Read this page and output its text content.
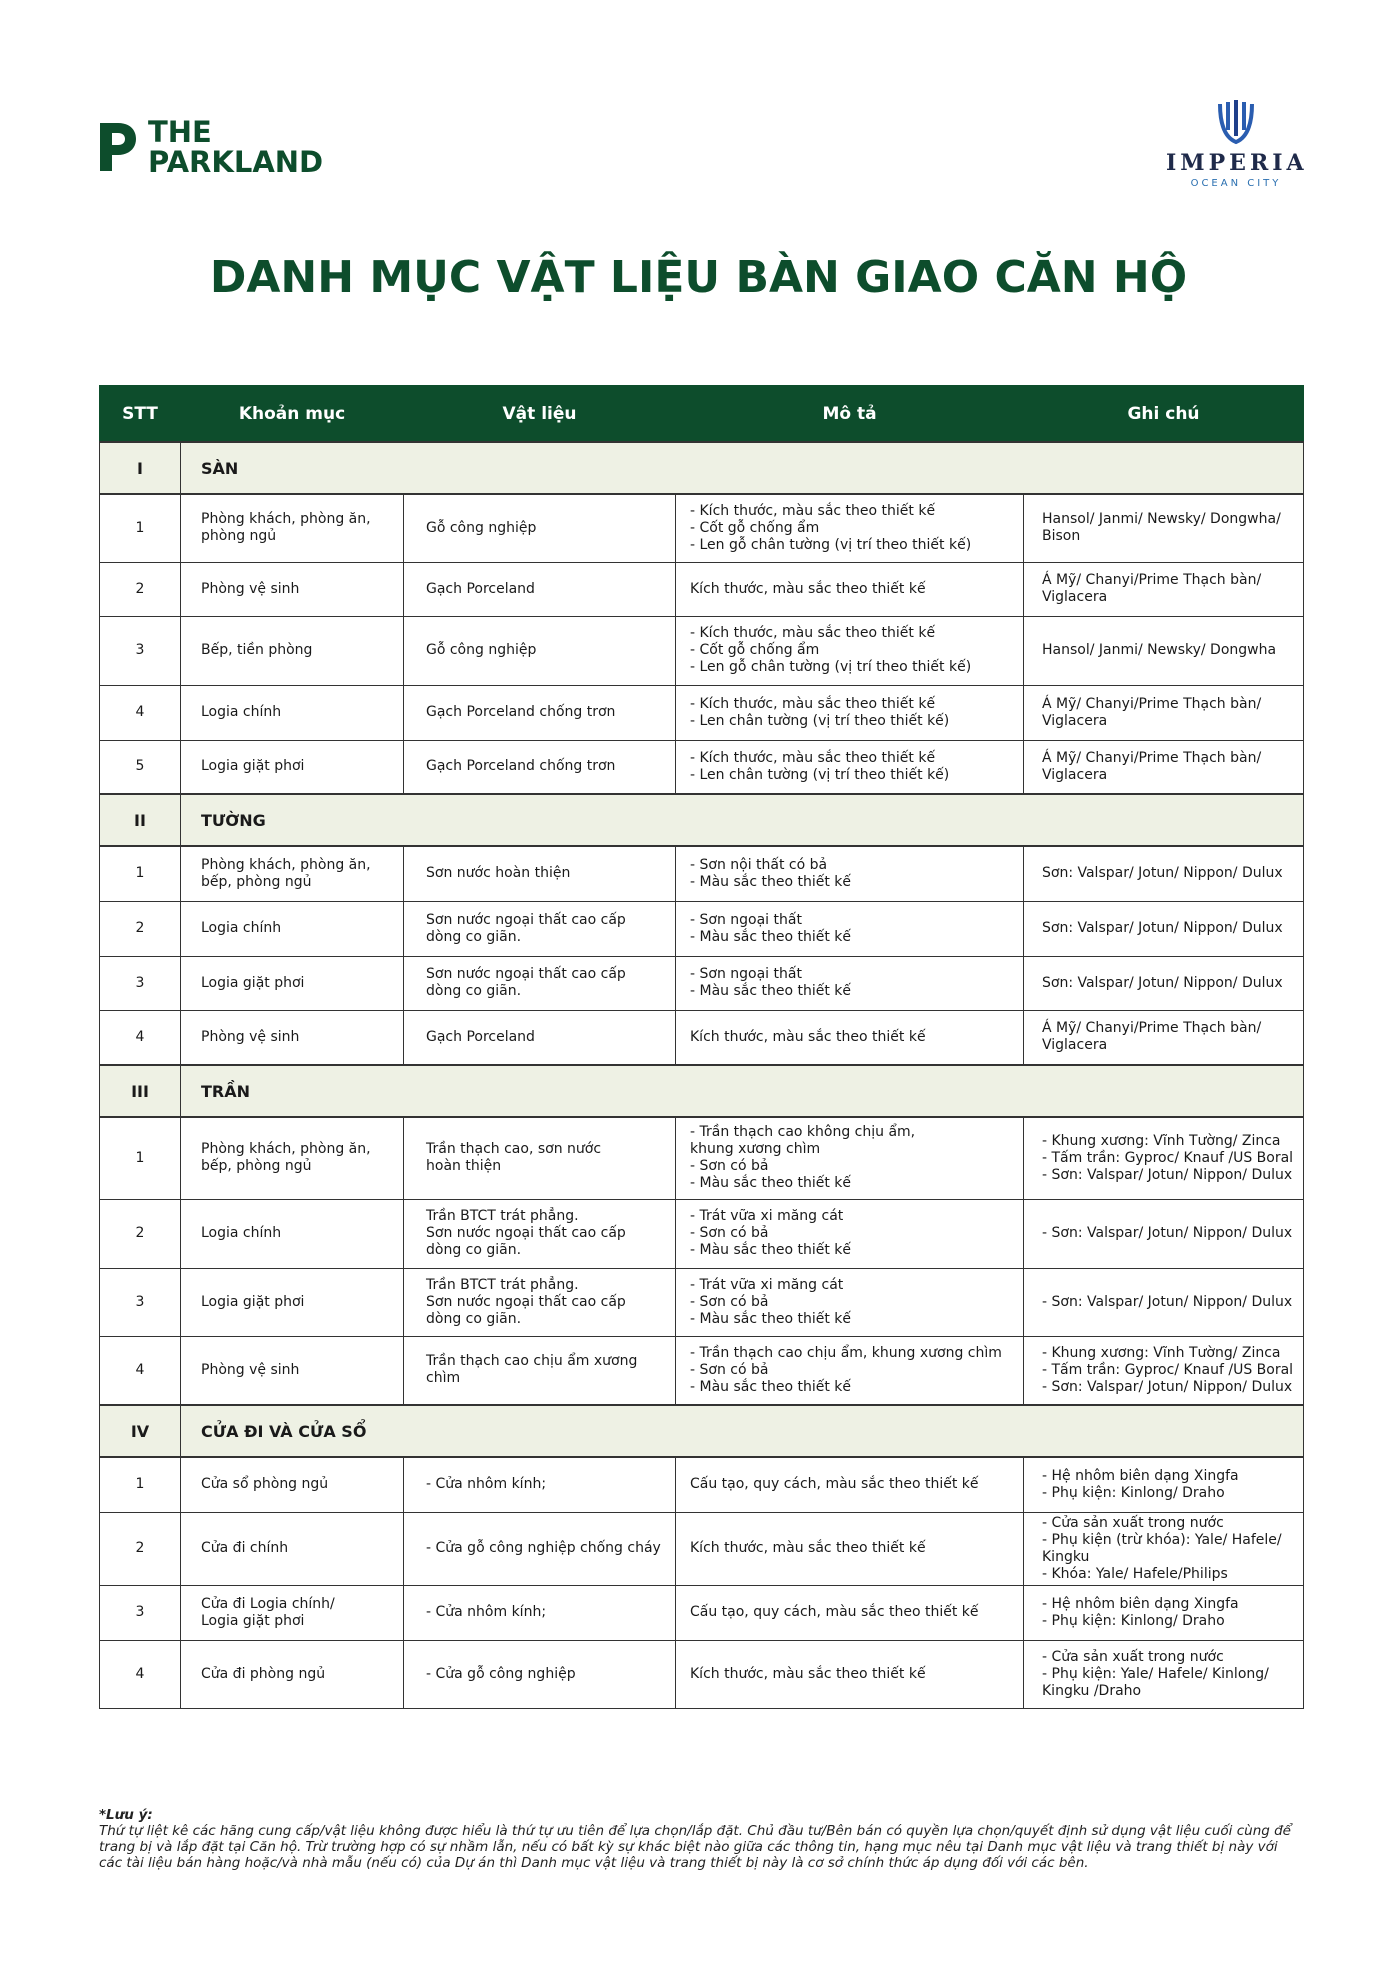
THE
PARKLAND	IMPERIA
OCEAN CITY
DANH MỤC VẬT LIỆU BÀN GIAO CĂN HỘ
STT	Khoản mục	Vật liệu	Mô tả	Ghi chú
I	SÀN			
1	Phòng khách, phòng ăn,
phòng ngủ	Gỗ công nghiệp	- Kích thước, màu sắc theo thiết kế
- Cốt gỗ chống ẩm
- Len gỗ chân tường (vị trí theo thiết kế)	Hansol/ Janmi/ Newsky/ Dongwha/
Bison
2	Phòng vệ sinh	Gạch Porceland	Kích thước, màu sắc theo thiết kế	Á Mỹ/ Chanyi/Prime Thạch bàn/
Viglacera
3	Bếp, tiền phòng	Gỗ công nghiệp	- Kích thước, màu sắc theo thiết kế
- Cốt gỗ chống ẩm
- Len gỗ chân tường (vị trí theo thiết kế)	Hansol/ Janmi/ Newsky/ Dongwha
4	Logia chính	Gạch Porceland chống trơn	- Kích thước, màu sắc theo thiết kế
- Len chân tường (vị trí theo thiết kế)	Á Mỹ/ Chanyi/Prime Thạch bàn/
Viglacera
5	Logia giặt phơi	Gạch Porceland chống trơn	- Kích thước, màu sắc theo thiết kế
- Len chân tường (vị trí theo thiết kế)	Á Mỹ/ Chanyi/Prime Thạch bàn/
Viglacera
II	TƯỜNG			
1	Phòng khách, phòng ăn,
bếp, phòng ngủ	Sơn nước hoàn thiện	- Sơn nội thất có bả
- Màu sắc theo thiết kế	Sơn: Valspar/ Jotun/ Nippon/ Dulux
2	Logia chính	Sơn nước ngoại thất cao cấp
dòng co giãn.	- Sơn ngoại thất
- Màu sắc theo thiết kế	Sơn: Valspar/ Jotun/ Nippon/ Dulux
3	Logia giặt phơi	Sơn nước ngoại thất cao cấp
dòng co giãn.	- Sơn ngoại thất
- Màu sắc theo thiết kế	Sơn: Valspar/ Jotun/ Nippon/ Dulux
4	Phòng vệ sinh	Gạch Porceland	Kích thước, màu sắc theo thiết kế	Á Mỹ/ Chanyi/Prime Thạch bàn/
Viglacera
III	TRẦN			
1	Phòng khách, phòng ăn,
bếp, phòng ngủ	Trần thạch cao, sơn nước
hoàn thiện	- Trần thạch cao không chịu ẩm,
khung xương chìm
- Sơn có bả
- Màu sắc theo thiết kế	- Khung xương: Vĩnh Tường/ Zinca
- Tấm trần: Gyproc/ Knauf /US Boral
- Sơn: Valspar/ Jotun/ Nippon/ Dulux
2	Logia chính	Trần BTCT trát phẳng.
Sơn nước ngoại thất cao cấp
dòng co giãn.	- Trát vữa xi măng cát
- Sơn có bả
- Màu sắc theo thiết kế	- Sơn: Valspar/ Jotun/ Nippon/ Dulux
3	Logia giặt phơi	Trần BTCT trát phẳng.
Sơn nước ngoại thất cao cấp
dòng co giãn.	- Trát vữa xi măng cát
- Sơn có bả
- Màu sắc theo thiết kế	- Sơn: Valspar/ Jotun/ Nippon/ Dulux
4	Phòng vệ sinh	Trần thạch cao chịu ẩm xương chìm	- Trần thạch cao chịu ẩm, khung xương chìm
- Sơn có bả
- Màu sắc theo thiết kế	- Khung xương: Vĩnh Tường/ Zinca
- Tấm trần: Gyproc/ Knauf /US Boral
- Sơn: Valspar/ Jotun/ Nippon/ Dulux
IV	CỬA ĐI VÀ CỬA SỔ			
1	Cửa sổ phòng ngủ	- Cửa nhôm kính;	Cấu tạo, quy cách, màu sắc theo thiết kế	- Hệ nhôm biên dạng Xingfa
- Phụ kiện: Kinlong/ Draho
2	Cửa đi chính	- Cửa gỗ công nghiệp chống cháy	Kích thước, màu sắc theo thiết kế	- Cửa sản xuất trong nước
- Phụ kiện (trừ khóa): Yale/ Hafele/ Kingku
- Khóa: Yale/ Hafele/Philips
3	Cửa đi Logia chính/
Logia giặt phơi	- Cửa nhôm kính;	Cấu tạo, quy cách, màu sắc theo thiết kế	- Hệ nhôm biên dạng Xingfa
- Phụ kiện: Kinlong/ Draho
4	Cửa đi phòng ngủ	- Cửa gỗ công nghiệp	Kích thước, màu sắc theo thiết kế	- Cửa sản xuất trong nước
- Phụ kiện: Yale/ Hafele/ Kinlong/
Kingku /Draho
*Lưu ý:
Thứ tự liệt kê các hãng cung cấp/vật liệu không được hiểu là thứ tự ưu tiên để lựa chọn/lắp đặt. Chủ đầu tư/Bên bán có quyền lựa chọn/quyết định sử dụng vật liệu cuối cùng để trang bị và lắp đặt tại Căn hộ. Trừ trường hợp có sự nhầm lẫn, nếu có bất kỳ sự khác biệt nào giữa các thông tin, hạng mục nêu tại Danh mục vật liệu và trang thiết bị này với các tài liệu bán hàng hoặc/và nhà mẫu (nếu có) của Dự án thì Danh mục vật liệu và trang thiết bị này là cơ sở chính thức áp dụng đối với các bên.
